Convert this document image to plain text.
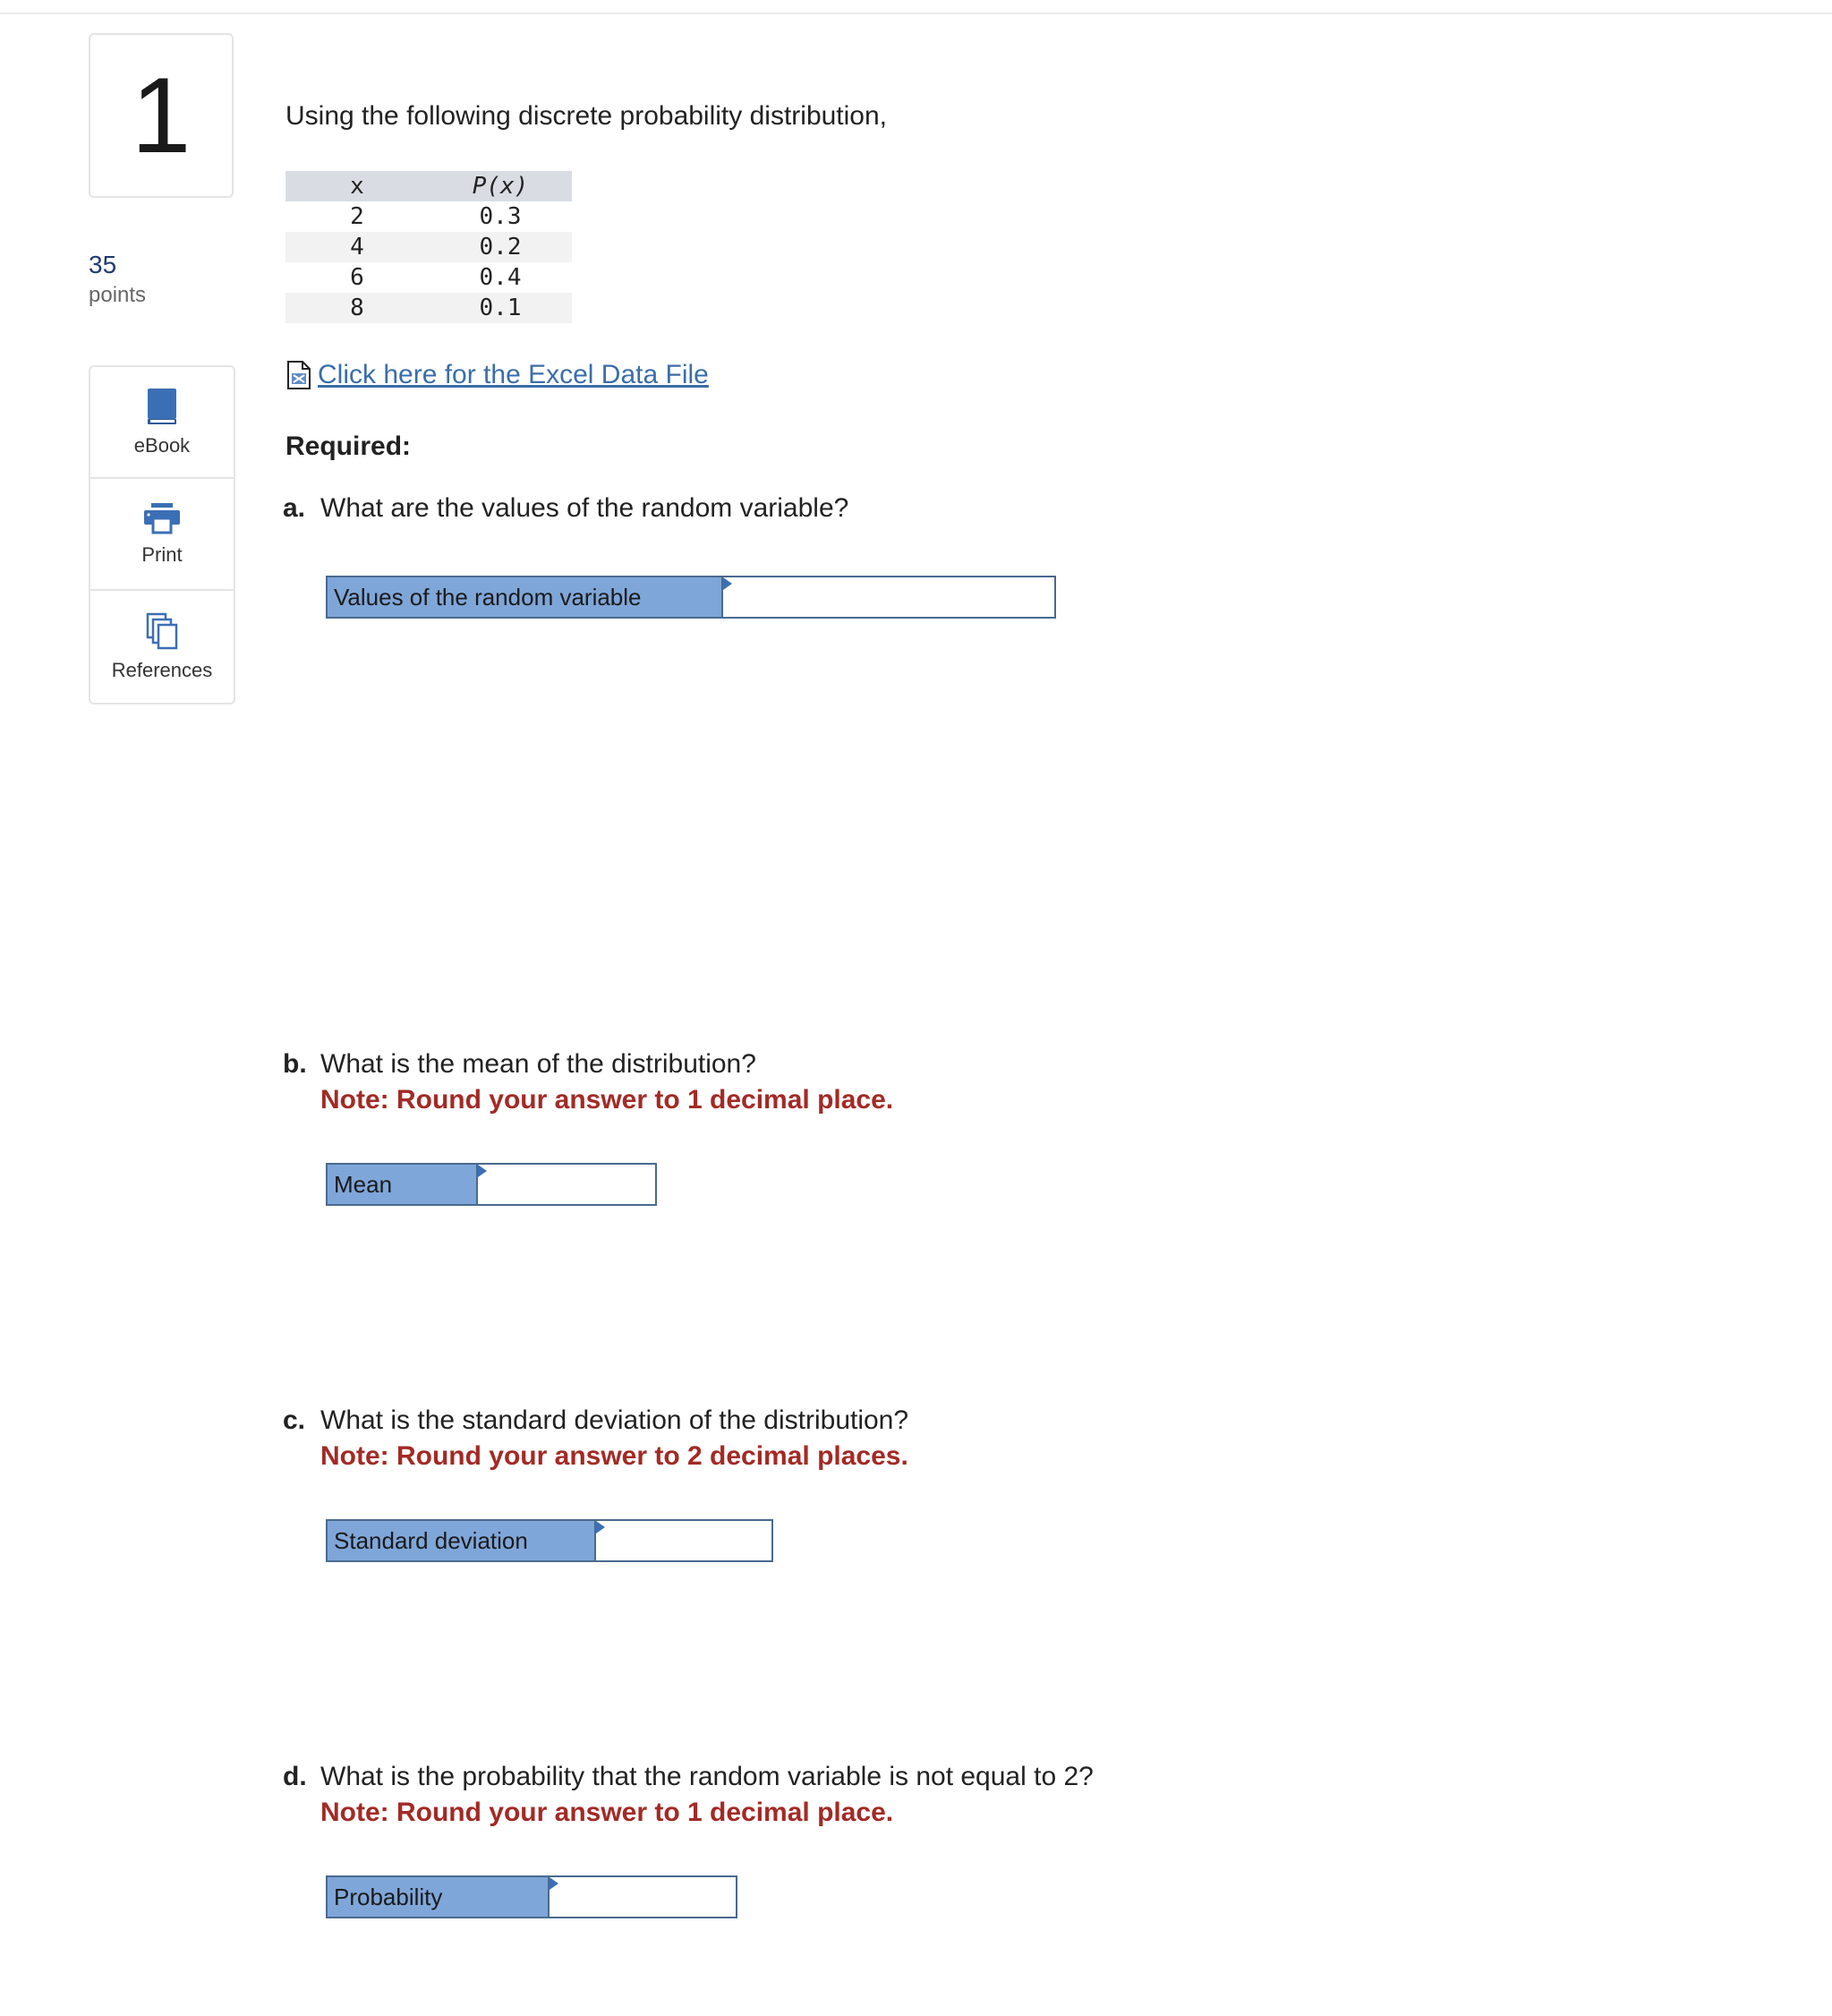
1
35
points
eBook
Print
References
Using the following discrete probability distribution,
x	P(x)
2	0.3
4	0.2
6	0.4
8	0.1
Click here for the Excel Data File
Required:
a. What are the values of the random variable?
Values of the random variable
b. What is the mean of the distribution?
Note: Round your answer to 1 decimal place.
Mean
c. What is the standard deviation of the distribution?
Note: Round your answer to 2 decimal places.
Standard deviation
d. What is the probability that the random variable is not equal to 2?
Note: Round your answer to 1 decimal place.
Probability
